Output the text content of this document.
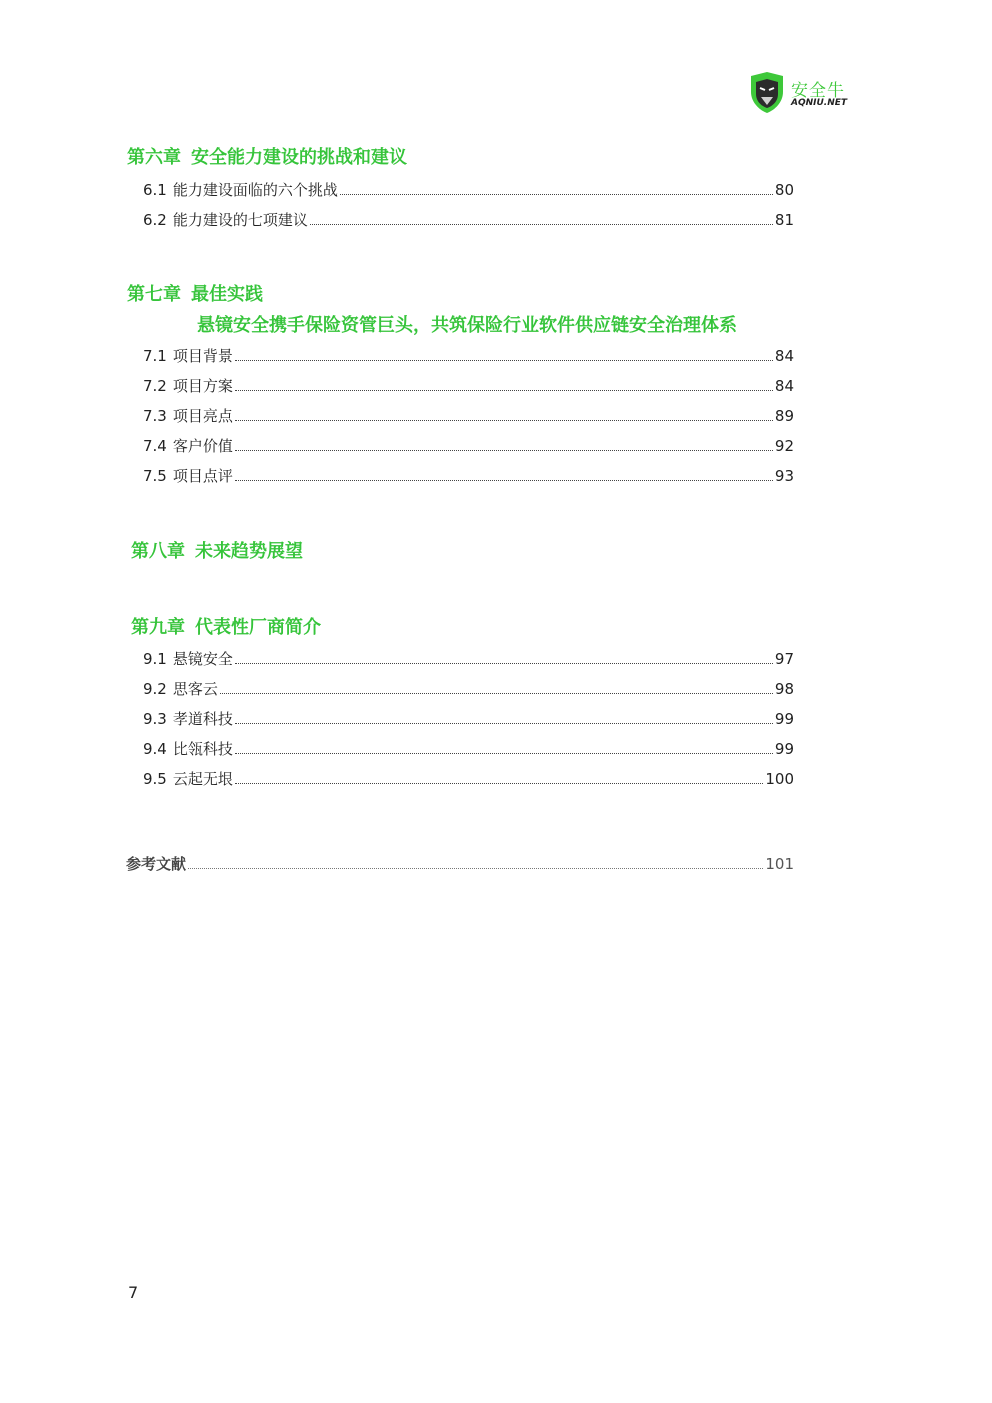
安全牛
AQNIU.NET
第六章 安全能力建设的挑战和建议
6.1 能力建设面临的六个挑战	80
6.2 能力建设的七项建议	81
第七章 最佳实践
悬镜安全携手保险资管巨头，共筑保险行业软件供应链安全治理体系
7.1 项目背景	84
7.2 项目方案	84
7.3 项目亮点	89
7.4 客户价值	92
7.5 项目点评	93
第八章 未来趋势展望
第九章 代表性厂商简介
9.1 悬镜安全	97
9.2 思客云	98
9.3 孝道科技	99
9.4 比瓴科技	99
9.5 云起无垠	100
参考文献	101
7
